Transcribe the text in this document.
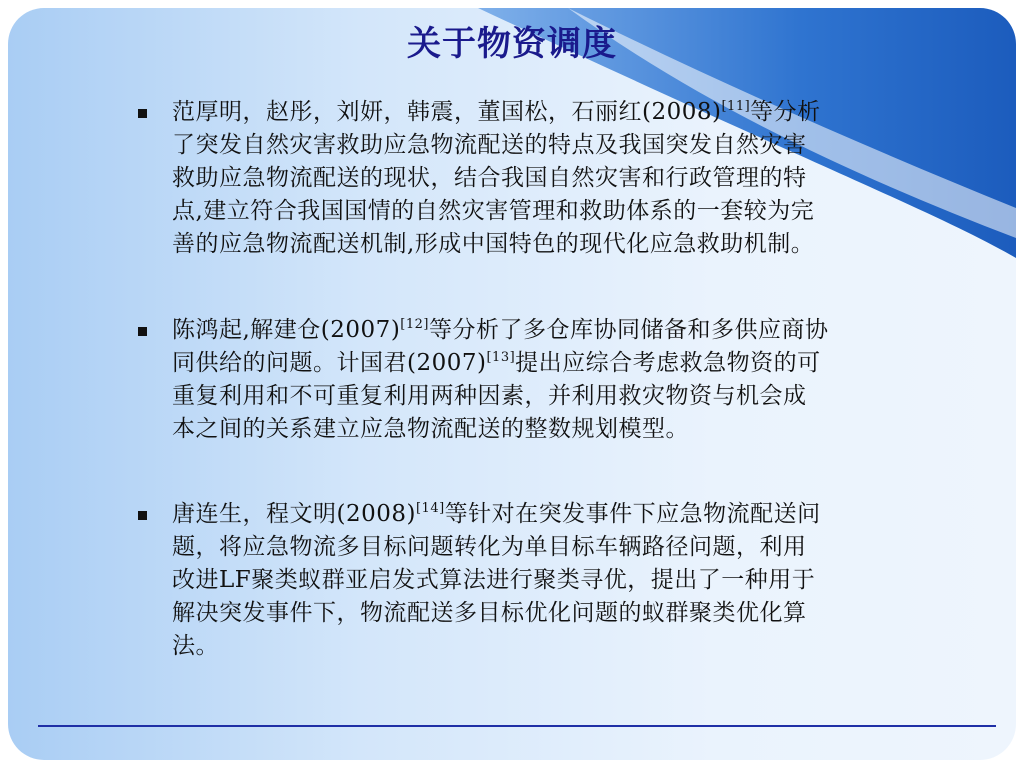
关于物资调度
范厚明，赵彤，刘妍，韩震，董国松，石丽红(2008)[11]等分析
了突发自然灾害救助应急物流配送的特点及我国突发自然灾害
救助应急物流配送的现状，结合我国自然灾害和行政管理的特
点,建立符合我国国情的自然灾害管理和救助体系的一套较为完
善的应急物流配送机制,形成中国特色的现代化应急救助机制。
陈鸿起,解建仓(2007)[12]等分析了多仓库协同储备和多供应商协
同供给的问题。计国君(2007)[13]提出应综合考虑救急物资的可
重复利用和不可重复利用两种因素，并利用救灾物资与机会成
本之间的关系建立应急物流配送的整数规划模型。
唐连生，程文明(2008)[14]等针对在突发事件下应急物流配送问
题，将应急物流多目标问题转化为单目标车辆路径问题，利用
改进LF聚类蚁群亚启发式算法进行聚类寻优，提出了一种用于
解决突发事件下，物流配送多目标优化问题的蚁群聚类优化算
法。
